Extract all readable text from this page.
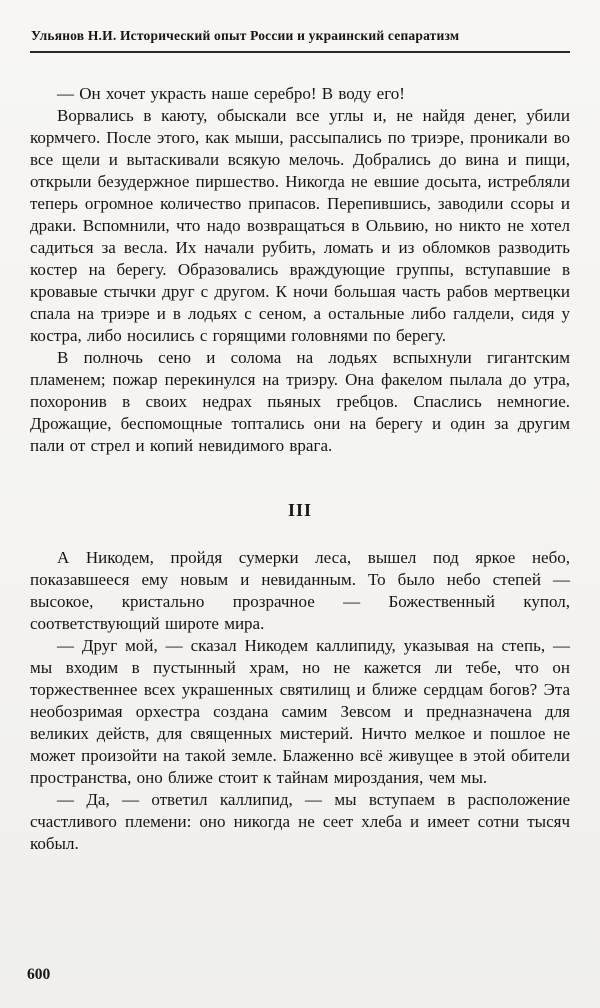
Ульянов Н.И. Исторический опыт России и украинский сепаратизм

— Он хочет украсть наше серебро! В воду его!

Ворвались в каюту, обыскали все углы и, не найдя денег, убили кормчего. После этого, как мыши, рассыпались по триэре, проникали во все щели и вытаскивали всякую мелочь. Добрались до вина и пищи, открыли безудержное пиршество. Никогда не евшие досыта, истребляли теперь огромное количество припасов. Перепившись, заводили ссоры и драки. Вспомнили, что надо возвращаться в Ольвию, но никто не хотел садиться за весла. Их начали рубить, ломать и из обломков разводить костер на берегу. Образовались враждующие группы, вступавшие в кровавые стычки друг с другом. К ночи большая часть рабов мертвецки спала на триэре и в лодьях с сеном, а остальные либо галдели, сидя у костра, либо носились с горящими головнями по берегу.

В полночь сено и солома на лодьях вспыхнули гигантским пламенем; пожар перекинулся на триэру. Она факелом пылала до утра, похоронив в своих недрах пьяных гребцов. Спаслись немногие. Дрожащие, беспомощные топтались они на берегу и один за другим пали от стрел и копий невидимого врага.

III

А Никодем, пройдя сумерки леса, вышел под яркое небо, показавшееся ему новым и невиданным. То было небо степей — высокое, кристально прозрачное — Божественный купол, соответствующий широте мира.

— Друг мой, — сказал Никодем каллипиду, указывая на степь, — мы входим в пустынный храм, но не кажется ли тебе, что он торжественнее всех украшенных святилищ и ближе сердцам богов? Эта необозримая орхестра создана самим Зевсом и предназначена для великих действ, для священных мистерий. Ничто мелкое и пошлое не может произойти на такой земле. Блаженно всё живущее в этой обители пространства, оно ближе стоит к тайнам мироздания, чем мы.

— Да, — ответил каллипид, — мы вступаем в расположение счастливого племени: оно никогда не сеет хлеба и имеет сотни тысяч кобыл.

600
